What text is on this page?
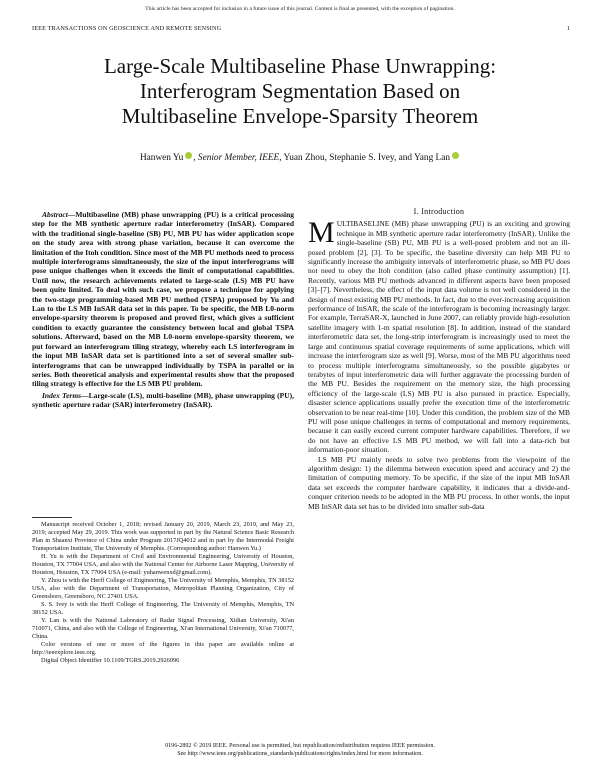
This article has been accepted for inclusion in a future issue of this journal. Content is final as presented, with the exception of pagination.
IEEE TRANSACTIONS ON GEOSCIENCE AND REMOTE SENSING	1
Large-Scale Multibaseline Phase Unwrapping:
Interferogram Segmentation Based on
Multibaseline Envelope-Sparsity Theorem
Hanwen Yu , Senior Member, IEEE, Yuan Zhou, Stephanie S. Ivey, and Yang Lan

Abstract—Multibaseline (MB) phase unwrapping (PU) is a critical processing step for the MB synthetic aperture radar interferometry (InSAR). Compared with the traditional single-baseline (SB) PU, MB PU has wider application scope on the study area with strong phase variation, because it can overcome the limitation of the Itoh condition. Since most of the MB PU methods need to process multiple interferograms simultaneously, the size of the input interferograms will pose unique challenges when it exceeds the limit of computational capabilities. Until now, the research achievements related to large-scale (LS) MB PU have been quite limited. To deal with such case, we propose a technique for applying the two-stage programming-based MB PU method (TSPA) proposed by Yu and Lan to the LS MB InSAR data set in this paper. To be specific, the MB L0-norm envelope-sparsity theorem is proposed and proved first, which gives a sufficient condition to exactly guarantee the consistency between local and global TSPA solutions. Afterward, based on the MB L0-norm envelope-sparsity theorem, we put forward an interferogram tiling strategy, whereby each LS interferogram in the input MB InSAR data set is partitioned into a set of several smaller sub-interferograms that can be unwrapped individually by TSPA in parallel or in series. Both theoretical analysis and experimental results show that the proposed tiling strategy is effective for the LS MB PU problem.

Index Terms—Large-scale (LS), multi-baseline (MB), phase unwrapping (PU), synthetic aperture radar (SAR) interferometry (InSAR).

Manuscript received October 1, 2018; revised January 20, 2019, March 23, 2019, and May 23, 2019; accepted May 29, 2019. This work was supported in part by the Natural Science Basic Research Plan in Shaanxi Province of China under Program 2017JQ4012 and in part by the Intermodal Freight Transportation Institute, The University of Memphis. (Corresponding author: Hanwen Yu.)

H. Yu is with the Department of Civil and Environmental Engineering, University of Houston, Houston, TX 77004 USA, and also with the National Center for Airborne Laser Mapping, University of Houston, Houston, TX 77004 USA (e-mail: yuhanwenxd@gmail.com).

Y. Zhou is with the Herff College of Engineering, The University of Memphis, Memphis, TN 38152 USA, also with the Department of Transportation, Metropolitan Planning Organization, City of Greensboro, Greensboro, NC 27401 USA.

S. S. Ivey is with the Herff College of Engineering, The University of Memphis, Memphis, TN 38152 USA.

Y. Lan is with the National Laboratory of Radar Signal Processing, Xidian University, Xi'an 710071, China, and also with the College of Engineering, Xi'an International University, Xi'an 710077, China.

Color versions of one or more of the figures in this paper are available online at http://ieeexplore.ieee.org.

Digital Object Identifier 10.1109/TGRS.2019.2926096

I. Introduction

MULTIBASELINE (MB) phase unwrapping (PU) is an exciting and growing technique in MB synthetic aperture radar interferometry (InSAR). Unlike the single-baseline (SB) PU, MB PU is a well-posed problem and not an ill-posed problem [2], [3]. To be specific, the baseline diversity can help MB PU to significantly increase the ambiguity intervals of interferometric phase, so MB PU does not need to obey the Itoh condition (also called phase continuity assumption) [1]. Recently, various MB PU methods advanced in different aspects have been proposed [3]–[7]. Nevertheless, the effect of the input data volume is not well considered in the design of most existing MB PU methods. In fact, due to the ever-increasing acquisition performance of InSAR, the scale of the interferogram is becoming increasingly larger. For example, TerraSAR-X, launched in June 2007, can reliably provide high-resolution satellite imagery with 1-m spatial resolution [8]. In addition, instead of the standard interferometric data set, the long-strip interferogram is increasingly used to meet the large and continuous spatial coverage requirements of some applications, which will increase the interferogram size as well [9]. Worse, most of the MB PU algorithms need to process multiple interferograms simultaneously, so the possible gigabytes or terabytes of input interferometric data will further aggravate the processing burden of the MB PU. Besides the requirement on the memory size, the high processing efficiency of the large-scale (LS) MB PU is also pursued in practice. Especially, disaster science applications usually prefer the execution time of the interferometric observation to be near real-time [10]. Under this condition, the problem size of the MB PU will pose unique challenges in terms of computational and memory requirements, because it can easily exceed current computer hardware capabilities. Therefore, if we do not have an effective LS MB PU method, we will fall into a data-rich but information-poor situation.

LS MB PU mainly needs to solve two problems from the viewpoint of the algorithm design: 1) the dilemma between execution speed and accuracy and 2) the limitation of computing memory. To be specific, if the size of the input MB InSAR data set exceeds the computer hardware capability, it indicates that a divide-and-conquer criterion needs to be adopted in the MB PU process. In other words, the input MB InSAR data set has to be divided into smaller sub-data

0196-2892 © 2019 IEEE. Personal use is permitted, but republication/redistribution requires IEEE permission.
See http://www.ieee.org/publications_standards/publications/rights/index.html for more information.
